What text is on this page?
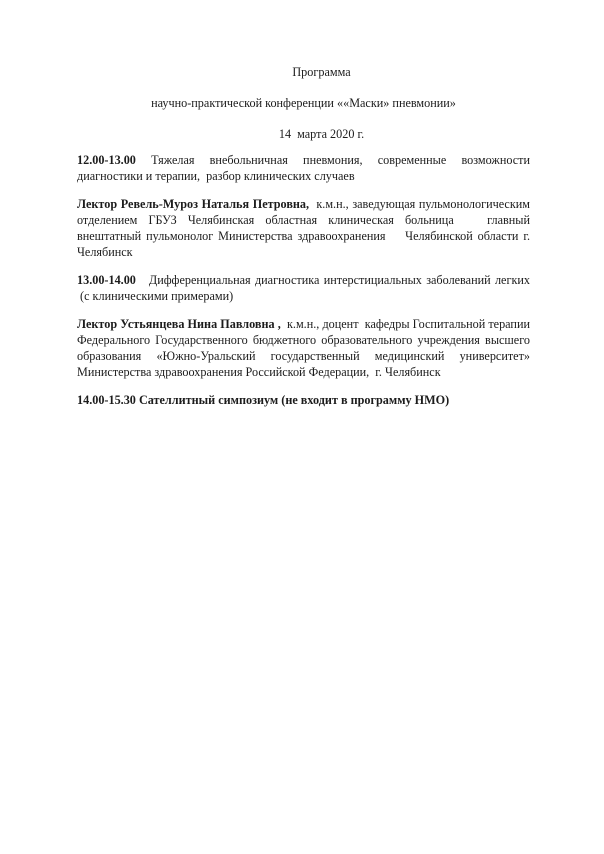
Программа

научно-практической конференции ««Маски» пневмонии»

14  марта 2020 г.

12.00-13.00 Тяжелая внебольничная пневмония, современные возможности диагностики и терапии,  разбор клинических случаев

Лектор Ревель-Муроз Наталья Петровна,  к.м.н., заведующая пульмонологическим отделением ГБУЗ Челябинская областная клиническая больница   главный внештатный пульмонолог Министерства здравоохранения    Челябинской области г. Челябинск

13.00-14.00   Дифференциальная диагностика интерстициальных заболеваний легких  (с клиническими примерами)

Лектор Устьянцева Нина Павловна ,  к.м.н., доцент  кафедры Госпитальной терапии Федерального Государственного бюджетного образовательного учреждения высшего образования «Южно-Уральский государственный медицинский университет» Министерства здравоохранения Российской Федерации,  г. Челябинск

14.00-15.30 Сателлитный симпозиум (не входит в программу НМО)
